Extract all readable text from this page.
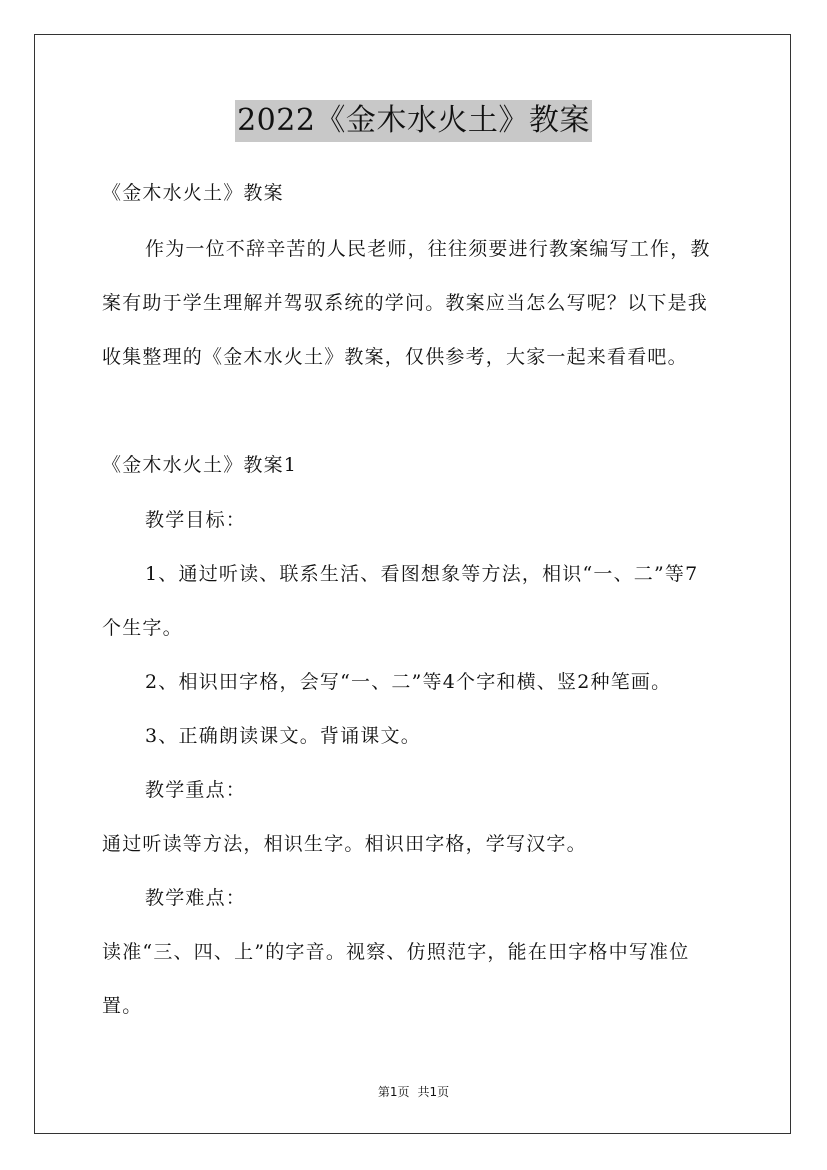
2022《金木水火土》教案
《金木水火土》教案
作为一位不辞辛苦的人民老师，往往须要进行教案编写工作，教
案有助于学生理解并驾驭系统的学问。教案应当怎么写呢？以下是我
收集整理的《金木水火土》教案，仅供参考，大家一起来看看吧。
《金木水火土》教案1
教学目标：
1、通过听读、联系生活、看图想象等方法，相识“一、二”等7
个生字。
2、相识田字格，会写“一、二”等4个字和横、竖2种笔画。
3、正确朗读课文。背诵课文。
教学重点：
通过听读等方法，相识生字。相识田字格，学写汉字。
教学难点：
读准“三、四、上”的字音。视察、仿照范字，能在田字格中写准位
置。
第1页 共1页
